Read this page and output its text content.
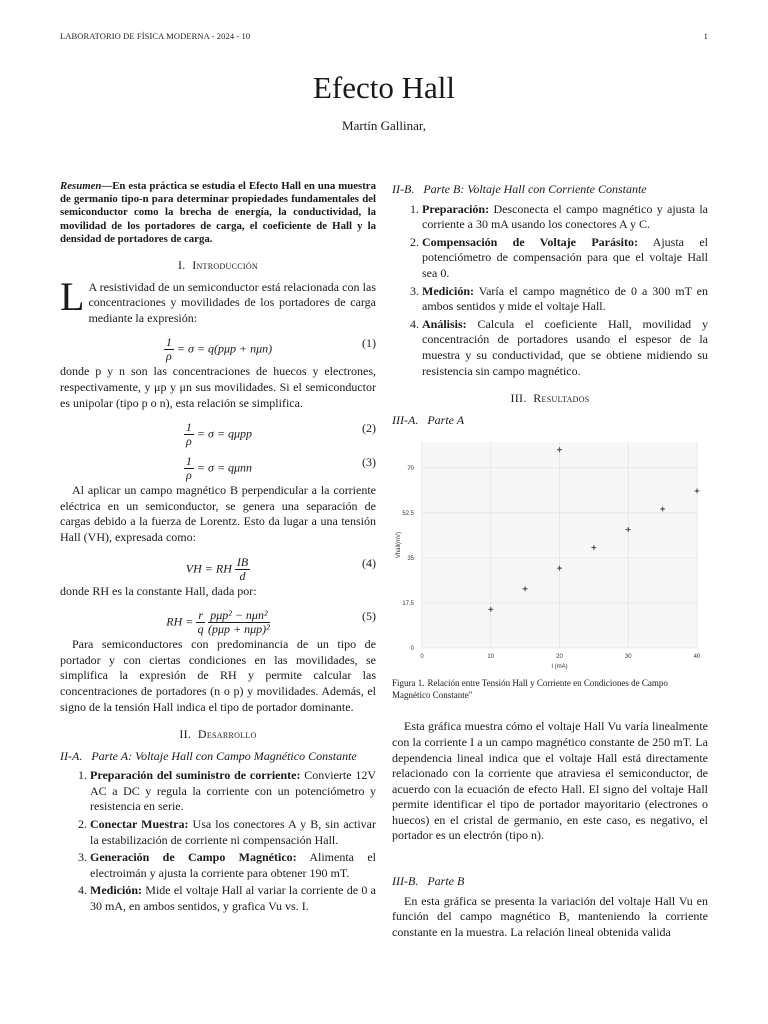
LABORATORIO DE FÍSICA MODERNA - 2024 - 10	1
Efecto Hall
Martín Gallinar,
Resumen—En esta práctica se estudia el Efecto Hall en una muestra de germanio tipo-n para determinar propiedades fundamentales del semiconductor como la brecha de energía, la conductividad, la movilidad de los portadores de carga, el coeficiente de Hall y la densidad de portadores de carga.
I. Introducción
L A resistividad de un semiconductor está relacionada con las concentraciones y movilidades de los portadores de carga mediante la expresión:
$\frac{1}{\rho} = \sigma = q(p\mu p + n\mu n)$	(1)

donde p y n son las concentraciones de huecos y electrones, respectivamente, y μp y μn sus movilidades. Si el semiconductor es unipolar (tipo p o n), esta relación se simplifica.

$\frac{1}{\rho} = \sigma = q\mu pp$	(2)
$\frac{1}{\rho} = \sigma = q\mu nn$	(3)

Al aplicar un campo magnético B perpendicular a la corriente eléctrica en un semiconductor, se genera una separación de cargas debido a la fuerza de Lorentz. Esto da lugar a una tensión Hall (VH), expresada como:

VH = RH $\frac{IB}{d}$	(4)

donde RH es la constante Hall, dada por:

RH = $\frac{r}{q}$
$\frac{\text{pμp² − nμn²}}{\text{(pμp + nμp)²}}$	(5)

Para semiconductores con predominancia de un tipo de portador y con ciertas condiciones en las movilidades, se simplifica la expresión de RH y permite calcular las concentraciones de portadores (n o p) y movilidades. Además, el signo de la tensión Hall indica el tipo de portador dominante.

II. Desarrollo
II-A. Parte A: Voltaje Hall con Campo Magnético Constante
1. Preparación del suministro de corriente: Convierte 12V AC a DC y regula la corriente con un potenciómetro y resistencia en serie.
2. Conectar Muestra: Usa los conectores A y B, sin activar la estabilización de corriente ni compensación Hall.
3. Generación de Campo Magnético: Alimenta el electroimán y ajusta la corriente para obtener 190 mT.
4. Medición: Mide el voltaje Hall al variar la corriente de 0 a 30 mA, en ambos sentidos, y grafica Vu vs. I.
II-B. Parte B: Voltaje Hall con Corriente Constante
1. Preparación: Desconecta el campo magnético y ajusta la corriente a 30 mA usando los conectores A y C.
2. Compensación de Voltaje Parásito: Ajusta el potenciómetro de compensación para que el voltaje Hall sea 0.
3. Medición: Varía el campo magnético de 0 a 300 mT en ambos sentidos y mide el voltaje Hall.
4. Análisis: Calcula el coeficiente Hall, movilidad y concentración de portadores usando el espesor de la muestra y su conductividad, que se obtiene midiendo su resistencia sin campo magnético.
III. Resultados
III-A. Parte A
0
17.5
35
52.5
70
0	10	20	30	40
I (mA)
Vhall(mV)
Figura 1. Relación entre Tensión Hall y Corriente en Condiciones de Campo Magnético Constante"

Esta gráfica muestra cómo el voltaje Hall Vu varía linealmente con la corriente I a un campo magnético constante de 250 mT. La dependencia lineal indica que el voltaje Hall está directamente relacionado con la corriente que atraviesa el semiconductor, de acuerdo con la ecuación de efecto Hall. El signo del voltaje Hall permite identificar el tipo de portador mayoritario (electrones o huecos) en el cristal de germanio, en este caso, es negativo, el portador es un electrón (tipo n).

III-B. Parte B

En esta gráfica se presenta la variación del voltaje Hall Vu en función del campo magnético B, manteniendo la corriente constante en la muestra. La relación lineal obtenida valida
